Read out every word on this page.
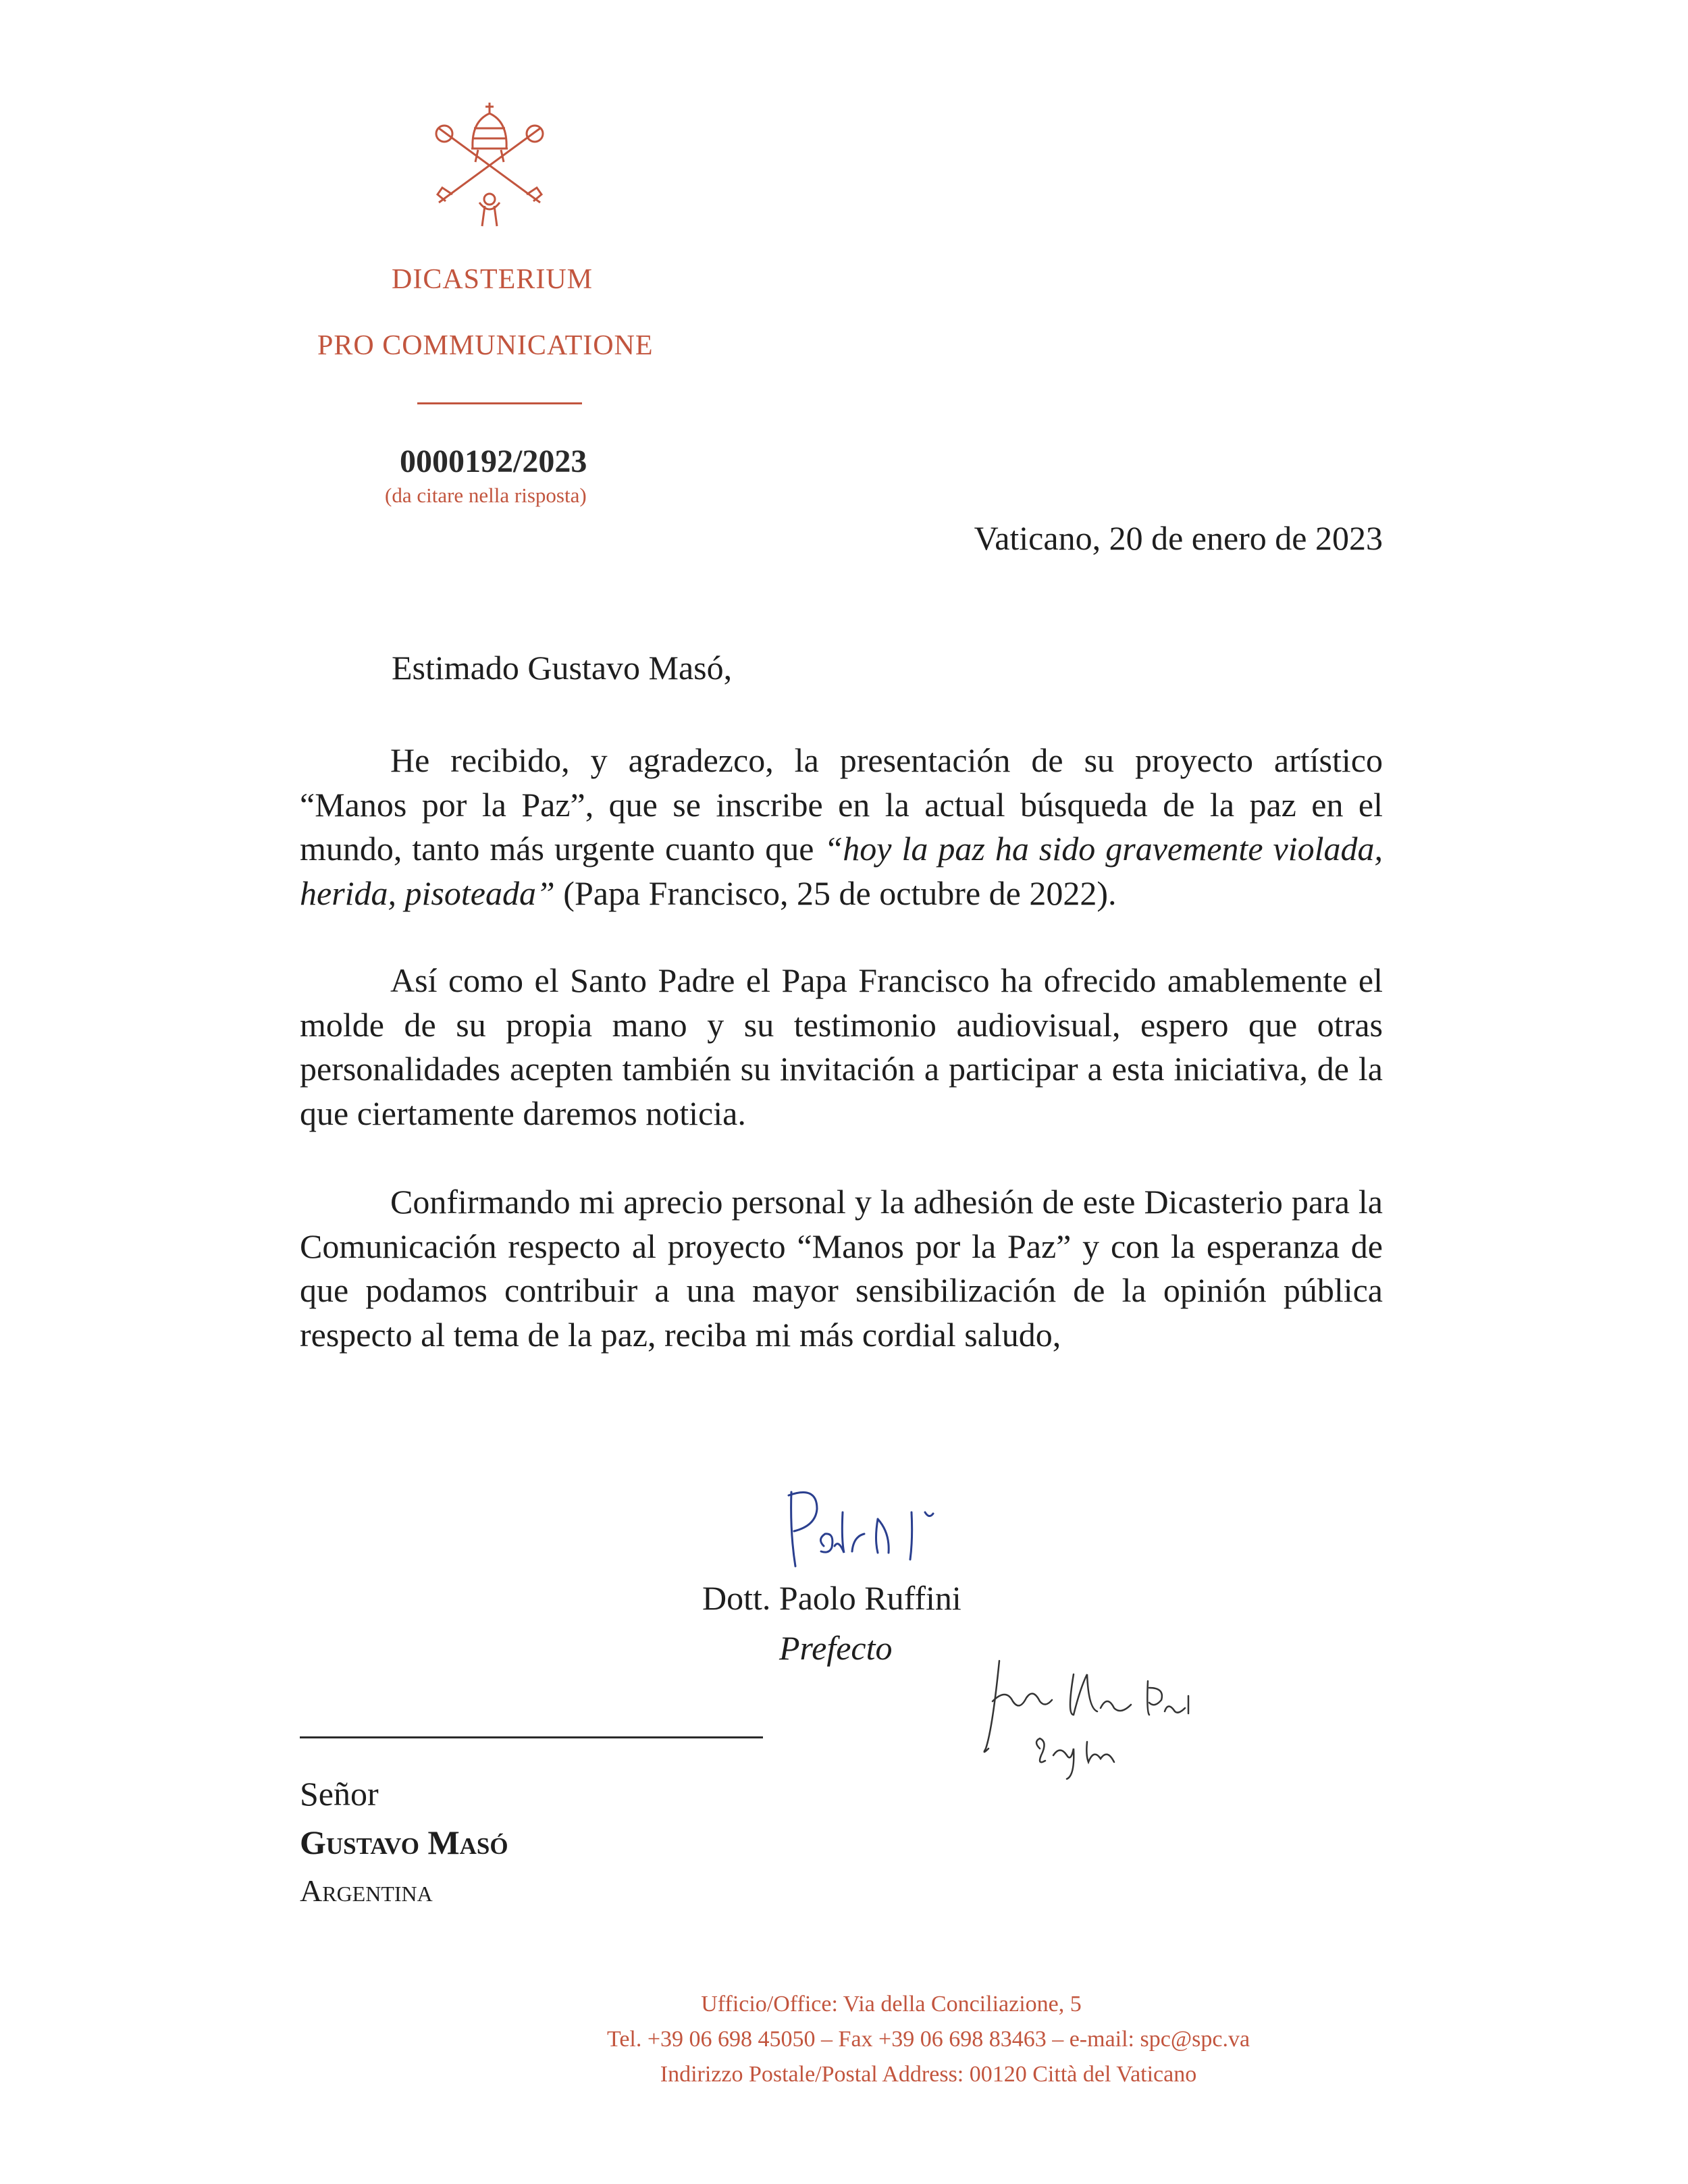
DICASTERIUM
PRO COMMUNICATIONE
0000192/2023
(da citare nella risposta)
Vaticano, 20 de enero de 2023
Estimado Gustavo Masó,

He recibido, y agradezco, la presentación de su proyecto artístico “Manos por la Paz”, que se inscribe en la actual búsqueda de la paz en el mundo, tanto más urgente cuanto que “hoy la paz ha sido gravemente violada, herida, pisoteada” (Papa Francisco, 25 de octubre de 2022).

Así como el Santo Padre el Papa Francisco ha ofrecido amablemente el molde de su propia mano y su testimonio audiovisual, espero que otras personalidades acepten también su invitación a participar a esta iniciativa, de la que ciertamente daremos noticia.

Confirmando mi aprecio personal y la adhesión de este Dicasterio para la Comunicación respecto al proyecto “Manos por la Paz” y con la esperanza de que podamos contribuir a una mayor sensibilización de la opinión pública respecto al tema de la paz, reciba mi más cordial saludo,

Dott. Paolo Ruffini
Prefecto
Señor
Gustavo Masó
Argentina
Ufficio/Office: Via della Conciliazione, 5
Tel. +39 06 698 45050 – Fax +39 06 698 83463 – e-mail: spc@spc.va
Indirizzo Postale/Postal Address: 00120 Città del Vaticano
